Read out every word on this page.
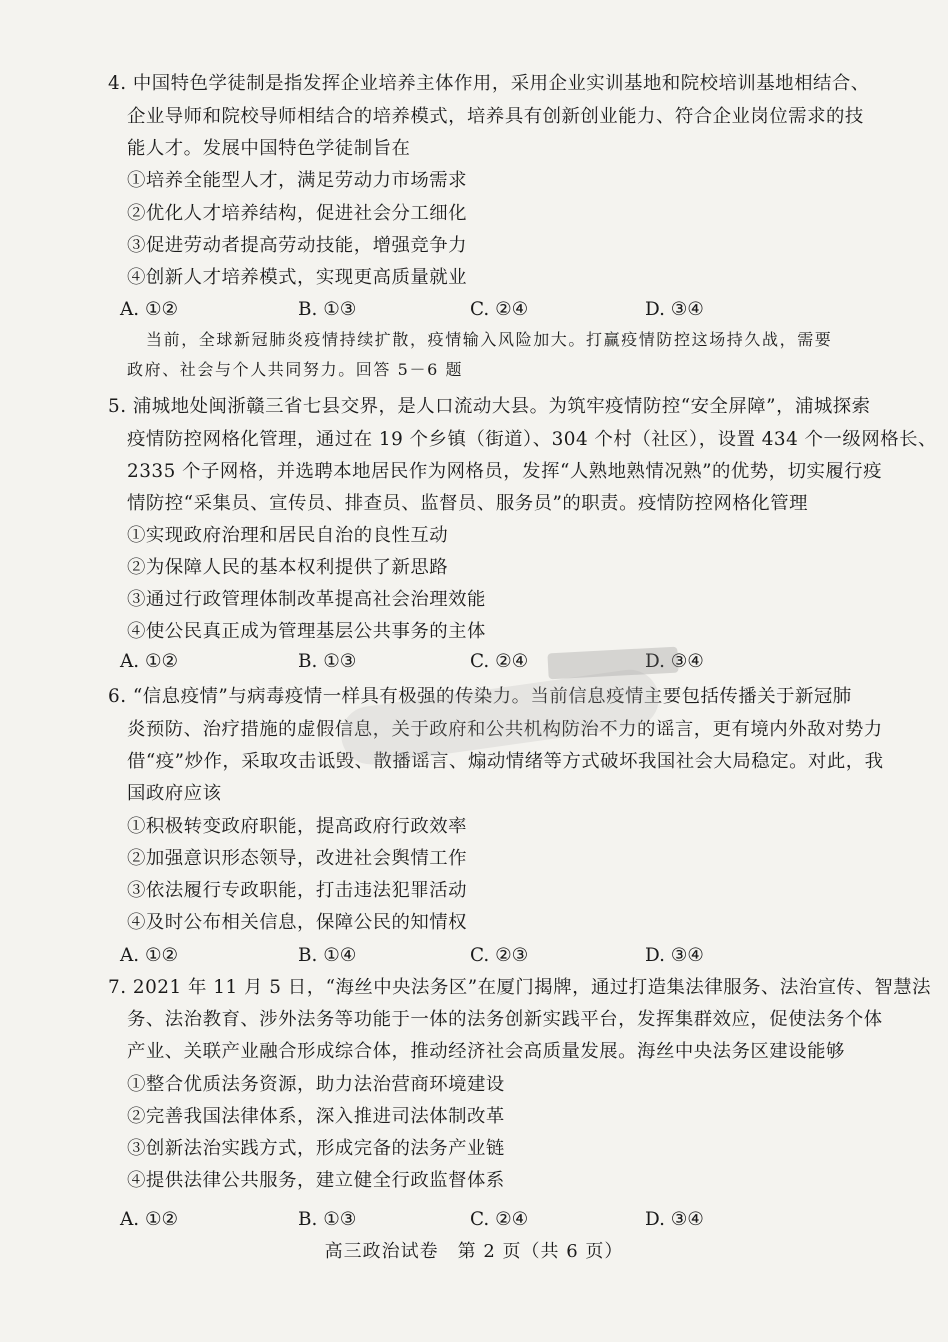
4. 中国特色学徒制是指发挥企业培养主体作用，采用企业实训基地和院校培训基地相结合、
企业导师和院校导师相结合的培养模式，培养具有创新创业能力、符合企业岗位需求的技
能人才。发展中国特色学徒制旨在
①培养全能型人才，满足劳动力市场需求
②优化人才培养结构，促进社会分工细化
③促进劳动者提高劳动技能，增强竞争力
④创新人才培养模式，实现更高质量就业
A. ①②	B. ①③	C. ②④	D. ③④
当前，全球新冠肺炎疫情持续扩散，疫情输入风险加大。打赢疫情防控这场持久战，需要
政府、社会与个人共同努力。回答 5－6 题
5. 浦城地处闽浙赣三省七县交界，是人口流动大县。为筑牢疫情防控“安全屏障”，浦城探索
疫情防控网格化管理，通过在 19 个乡镇（街道）、304 个村（社区），设置 434 个一级网格长、
2335 个子网格，并选聘本地居民作为网格员，发挥“人熟地熟情况熟”的优势，切实履行疫
情防控“采集员、宣传员、排查员、监督员、服务员”的职责。疫情防控网格化管理
①实现政府治理和居民自治的良性互动
②为保障人民的基本权利提供了新思路
③通过行政管理体制改革提高社会治理效能
④使公民真正成为管理基层公共事务的主体
A. ①②	B. ①③	C. ②④	D. ③④
6. “信息疫情”与病毒疫情一样具有极强的传染力。当前信息疫情主要包括传播关于新冠肺
炎预防、治疗措施的虚假信息，关于政府和公共机构防治不力的谣言，更有境内外敌对势力
借“疫”炒作，采取攻击诋毁、散播谣言、煽动情绪等方式破坏我国社会大局稳定。对此，我
国政府应该
①积极转变政府职能，提高政府行政效率
②加强意识形态领导，改进社会舆情工作
③依法履行专政职能，打击违法犯罪活动
④及时公布相关信息，保障公民的知情权
A. ①②	B. ①④	C. ②③	D. ③④
7. 2021 年 11 月 5 日，“海丝中央法务区”在厦门揭牌，通过打造集法律服务、法治宣传、智慧法
务、法治教育、涉外法务等功能于一体的法务创新实践平台，发挥集群效应，促使法务个体
产业、关联产业融合形成综合体，推动经济社会高质量发展。海丝中央法务区建设能够
①整合优质法务资源，助力法治营商环境建设
②完善我国法律体系，深入推进司法体制改革
③创新法治实践方式，形成完备的法务产业链
④提供法律公共服务，建立健全行政监督体系
A. ①②	B. ①③	C. ②④	D. ③④
高三政治试卷　第 2 页（共 6 页）
